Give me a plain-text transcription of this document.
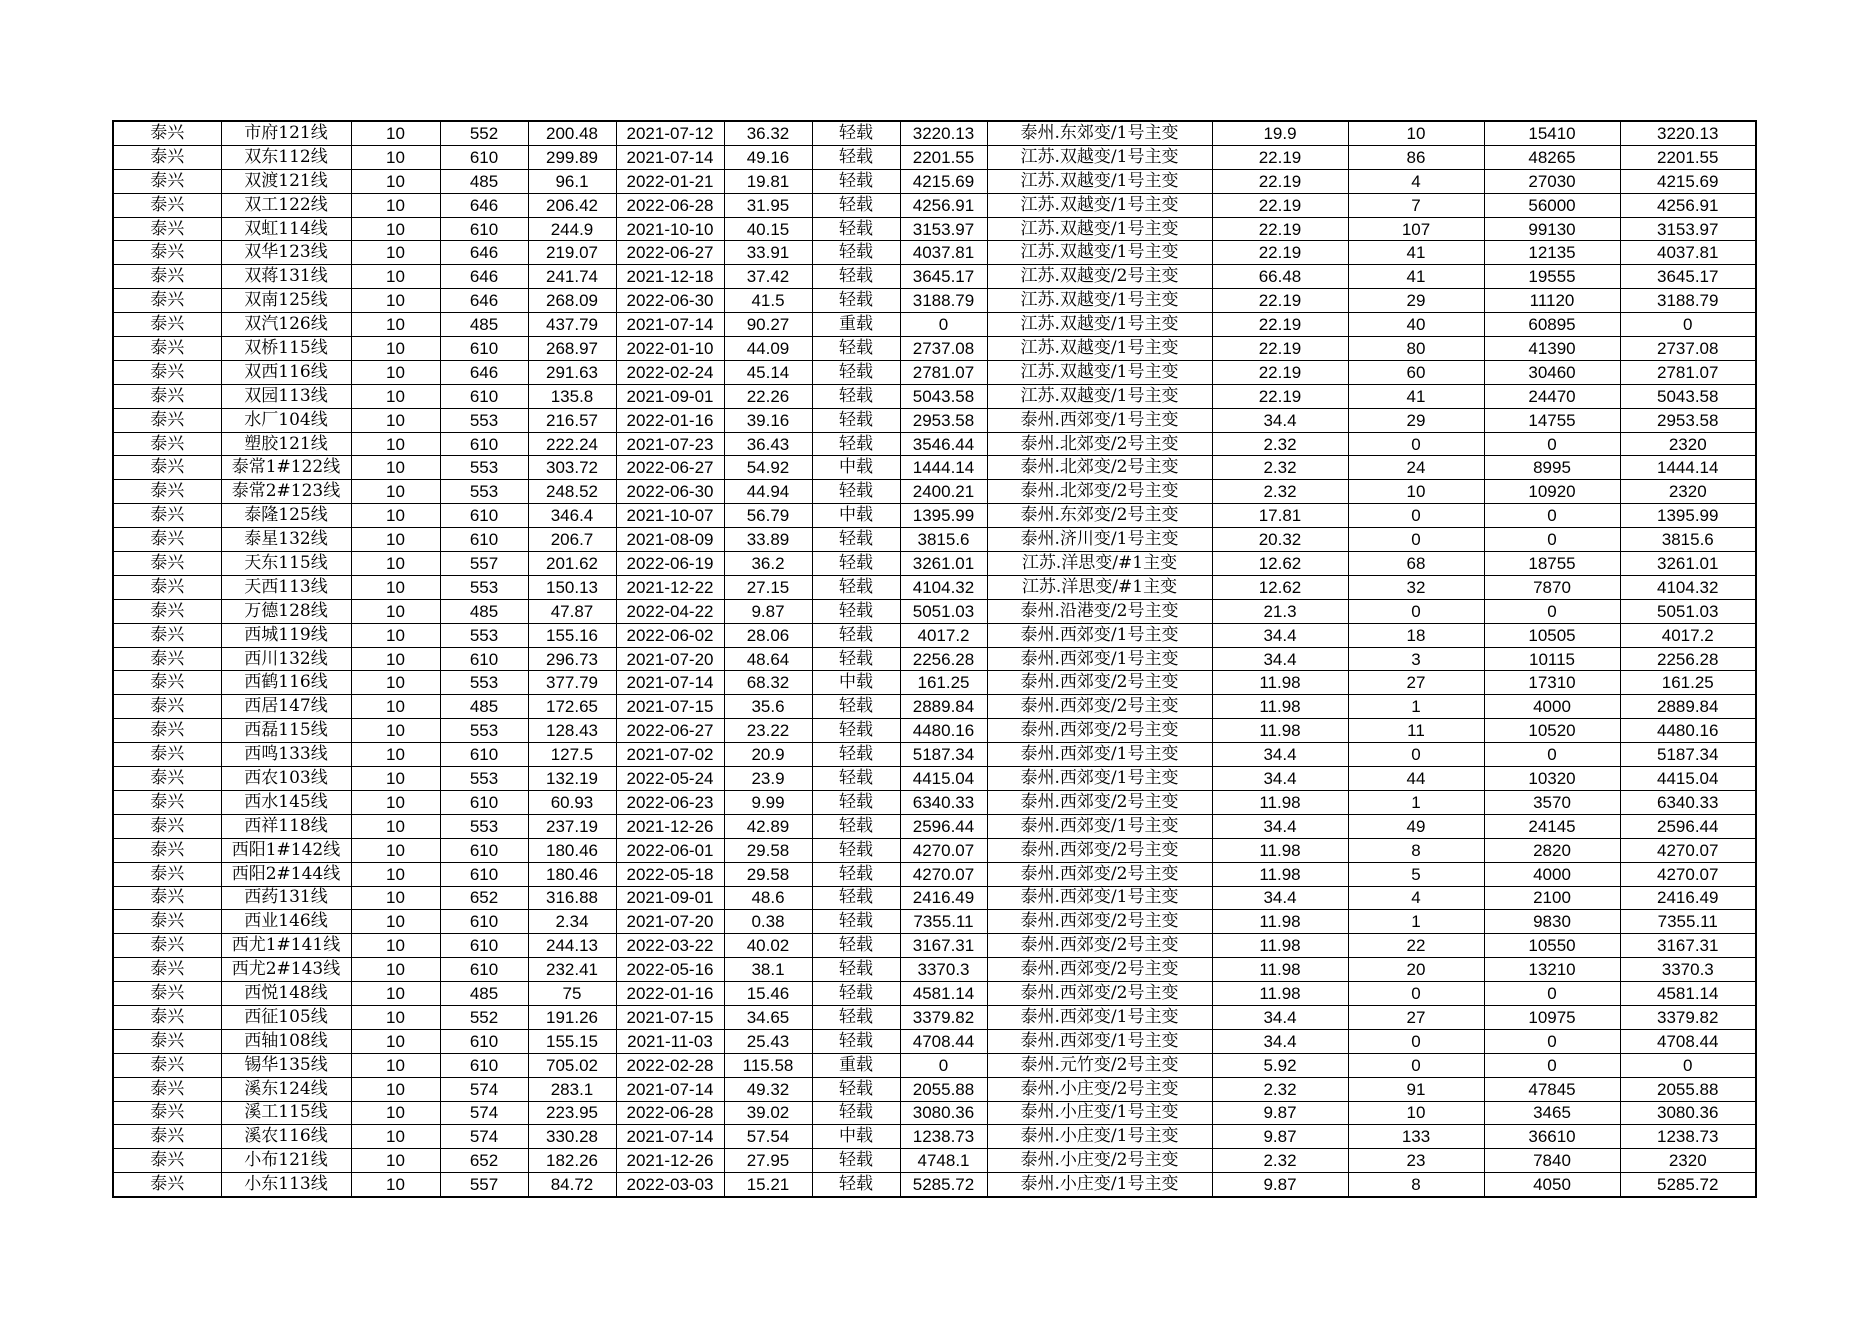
泰兴	市府121线	10	552	200.48	2021-07-12	36.32	轻载	3220.13	泰州.东郊变/1号主变	19.9	10	15410	3220.13
泰兴	双东112线	10	610	299.89	2021-07-14	49.16	轻载	2201.55	江苏.双越变/1号主变	22.19	86	48265	2201.55
泰兴	双渡121线	10	485	96.1	2022-01-21	19.81	轻载	4215.69	江苏.双越变/1号主变	22.19	4	27030	4215.69
泰兴	双工122线	10	646	206.42	2022-06-28	31.95	轻载	4256.91	江苏.双越变/1号主变	22.19	7	56000	4256.91
泰兴	双虹114线	10	610	244.9	2021-10-10	40.15	轻载	3153.97	江苏.双越变/1号主变	22.19	107	99130	3153.97
泰兴	双华123线	10	646	219.07	2022-06-27	33.91	轻载	4037.81	江苏.双越变/1号主变	22.19	41	12135	4037.81
泰兴	双蒋131线	10	646	241.74	2021-12-18	37.42	轻载	3645.17	江苏.双越变/2号主变	66.48	41	19555	3645.17
泰兴	双南125线	10	646	268.09	2022-06-30	41.5	轻载	3188.79	江苏.双越变/1号主变	22.19	29	11120	3188.79
泰兴	双汽126线	10	485	437.79	2021-07-14	90.27	重载	0	江苏.双越变/1号主变	22.19	40	60895	0
泰兴	双桥115线	10	610	268.97	2022-01-10	44.09	轻载	2737.08	江苏.双越变/1号主变	22.19	80	41390	2737.08
泰兴	双西116线	10	646	291.63	2022-02-24	45.14	轻载	2781.07	江苏.双越变/1号主变	22.19	60	30460	2781.07
泰兴	双园113线	10	610	135.8	2021-09-01	22.26	轻载	5043.58	江苏.双越变/1号主变	22.19	41	24470	5043.58
泰兴	水厂104线	10	553	216.57	2022-01-16	39.16	轻载	2953.58	泰州.西郊变/1号主变	34.4	29	14755	2953.58
泰兴	塑胶121线	10	610	222.24	2021-07-23	36.43	轻载	3546.44	泰州.北郊变/2号主变	2.32	0	0	2320
泰兴	泰常1#122线	10	553	303.72	2022-06-27	54.92	中载	1444.14	泰州.北郊变/2号主变	2.32	24	8995	1444.14
泰兴	泰常2#123线	10	553	248.52	2022-06-30	44.94	轻载	2400.21	泰州.北郊变/2号主变	2.32	10	10920	2320
泰兴	泰隆125线	10	610	346.4	2021-10-07	56.79	中载	1395.99	泰州.东郊变/2号主变	17.81	0	0	1395.99
泰兴	泰星132线	10	610	206.7	2021-08-09	33.89	轻载	3815.6	泰州.济川变/1号主变	20.32	0	0	3815.6
泰兴	天东115线	10	557	201.62	2022-06-19	36.2	轻载	3261.01	江苏.洋思变/#1主变	12.62	68	18755	3261.01
泰兴	天西113线	10	553	150.13	2021-12-22	27.15	轻载	4104.32	江苏.洋思变/#1主变	12.62	32	7870	4104.32
泰兴	万德128线	10	485	47.87	2022-04-22	9.87	轻载	5051.03	泰州.沿港变/2号主变	21.3	0	0	5051.03
泰兴	西城119线	10	553	155.16	2022-06-02	28.06	轻载	4017.2	泰州.西郊变/1号主变	34.4	18	10505	4017.2
泰兴	西川132线	10	610	296.73	2021-07-20	48.64	轻载	2256.28	泰州.西郊变/1号主变	34.4	3	10115	2256.28
泰兴	西鹤116线	10	553	377.79	2021-07-14	68.32	中载	161.25	泰州.西郊变/2号主变	11.98	27	17310	161.25
泰兴	西居147线	10	485	172.65	2021-07-15	35.6	轻载	2889.84	泰州.西郊变/2号主变	11.98	1	4000	2889.84
泰兴	西磊115线	10	553	128.43	2022-06-27	23.22	轻载	4480.16	泰州.西郊变/2号主变	11.98	11	10520	4480.16
泰兴	西鸣133线	10	610	127.5	2021-07-02	20.9	轻载	5187.34	泰州.西郊变/1号主变	34.4	0	0	5187.34
泰兴	西农103线	10	553	132.19	2022-05-24	23.9	轻载	4415.04	泰州.西郊变/1号主变	34.4	44	10320	4415.04
泰兴	西水145线	10	610	60.93	2022-06-23	9.99	轻载	6340.33	泰州.西郊变/2号主变	11.98	1	3570	6340.33
泰兴	西祥118线	10	553	237.19	2021-12-26	42.89	轻载	2596.44	泰州.西郊变/1号主变	34.4	49	24145	2596.44
泰兴	西阳1#142线	10	610	180.46	2022-06-01	29.58	轻载	4270.07	泰州.西郊变/2号主变	11.98	8	2820	4270.07
泰兴	西阳2#144线	10	610	180.46	2022-05-18	29.58	轻载	4270.07	泰州.西郊变/2号主变	11.98	5	4000	4270.07
泰兴	西药131线	10	652	316.88	2021-09-01	48.6	轻载	2416.49	泰州.西郊变/1号主变	34.4	4	2100	2416.49
泰兴	西业146线	10	610	2.34	2021-07-20	0.38	轻载	7355.11	泰州.西郊变/2号主变	11.98	1	9830	7355.11
泰兴	西尤1#141线	10	610	244.13	2022-03-22	40.02	轻载	3167.31	泰州.西郊变/2号主变	11.98	22	10550	3167.31
泰兴	西尤2#143线	10	610	232.41	2022-05-16	38.1	轻载	3370.3	泰州.西郊变/2号主变	11.98	20	13210	3370.3
泰兴	西悦148线	10	485	75	2022-01-16	15.46	轻载	4581.14	泰州.西郊变/2号主变	11.98	0	0	4581.14
泰兴	西征105线	10	552	191.26	2021-07-15	34.65	轻载	3379.82	泰州.西郊变/1号主变	34.4	27	10975	3379.82
泰兴	西轴108线	10	610	155.15	2021-11-03	25.43	轻载	4708.44	泰州.西郊变/1号主变	34.4	0	0	4708.44
泰兴	锡华135线	10	610	705.02	2022-02-28	115.58	重载	0	泰州.元竹变/2号主变	5.92	0	0	0
泰兴	溪东124线	10	574	283.1	2021-07-14	49.32	轻载	2055.88	泰州.小庄变/2号主变	2.32	91	47845	2055.88
泰兴	溪工115线	10	574	223.95	2022-06-28	39.02	轻载	3080.36	泰州.小庄变/1号主变	9.87	10	3465	3080.36
泰兴	溪农116线	10	574	330.28	2021-07-14	57.54	中载	1238.73	泰州.小庄变/1号主变	9.87	133	36610	1238.73
泰兴	小布121线	10	652	182.26	2021-12-26	27.95	轻载	4748.1	泰州.小庄变/2号主变	2.32	23	7840	2320
泰兴	小东113线	10	557	84.72	2022-03-03	15.21	轻载	5285.72	泰州.小庄变/1号主变	9.87	8	4050	5285.72
